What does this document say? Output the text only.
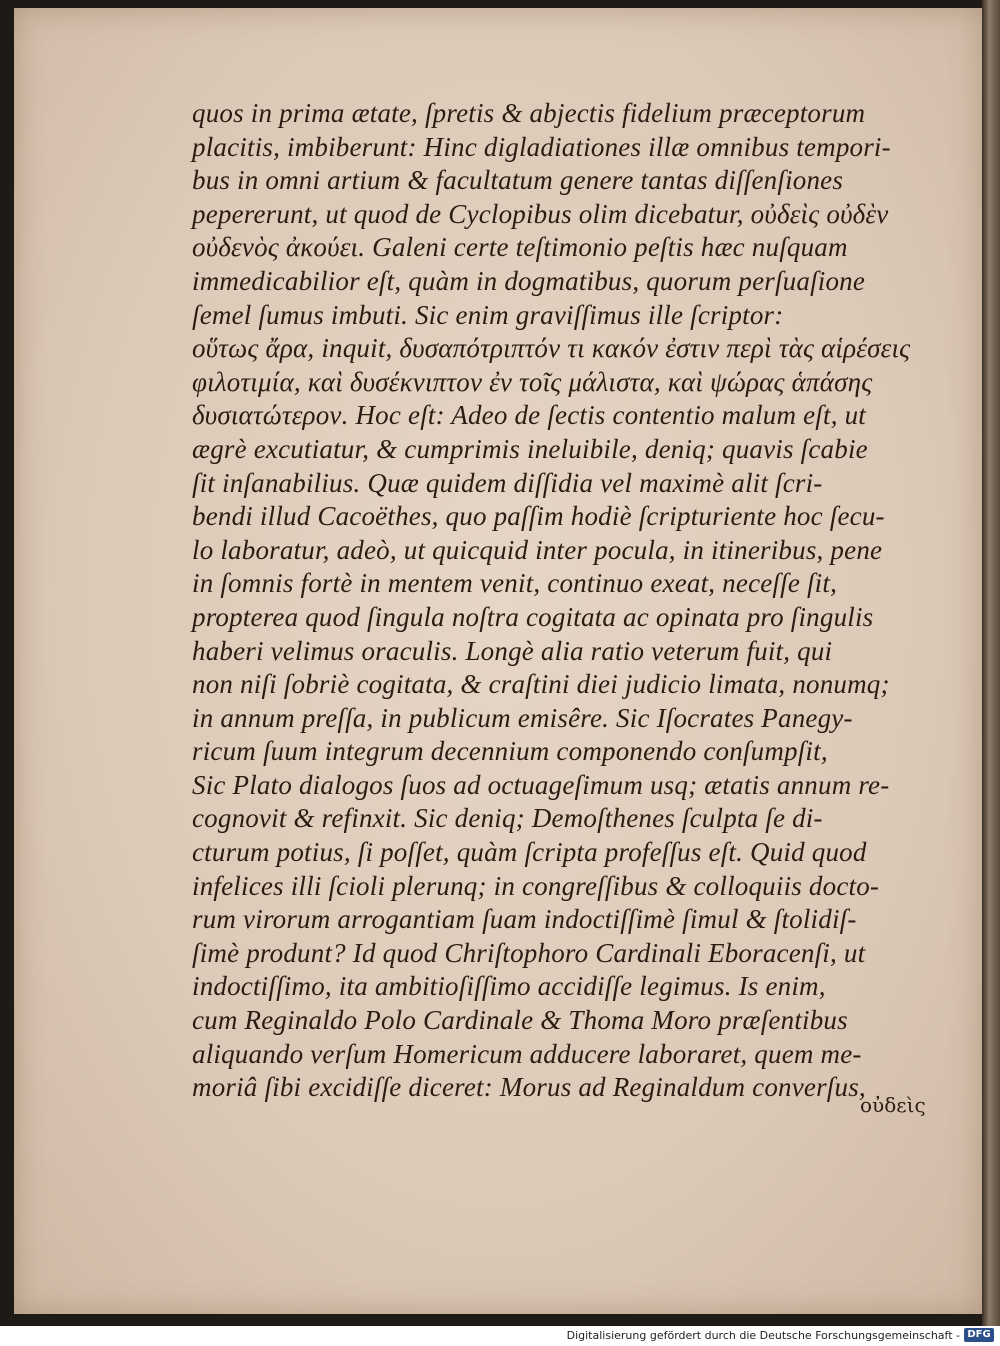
quos in prima ætate, ſpretis & abjectis fidelium præceptorum
placitis, imbiberunt: Hinc digladiationes illæ omnibus tempori-
bus in omni artium & facultatum genere tantas diſſenſiones
pepererunt, ut quod de Cyclopibus olim dicebatur, οὐδεὶς οὐδὲν
οὐδενὸς ἀκούει. Galeni certe teſtimonio peſtis hæc nuſquam
immedicabilior eſt, quàm in dogmatibus, quorum perſuaſione
ſemel ſumus imbuti. Sic enim graviſſimus ille ſcriptor:
οὕτως ἄρα, inquit, δυσαπότριπτόν τι κακόν ἐστιν περὶ τὰς αἱρέσεις
φιλοτιμία, καὶ δυσέκνιπτον ἐν τοῖς μάλιστα, καὶ ψώρας ἁπάσης
δυσιατώτερον. Hoc eſt: Adeo de ſectis contentio malum eſt, ut
ægrè excutiatur, & cumprimis ineluibile, deniq; quavis ſcabie
ſit inſanabilius. Quæ quidem diſſidia vel maximè alit ſcri-
bendi illud Cacoëthes, quo paſſim hodiè ſcripturiente hoc ſecu-
lo laboratur, adeò, ut quicquid inter pocula, in itineribus, pene
in ſomnis fortè in mentem venit, continuo exeat, neceſſe ſit,
propterea quod ſingula noſtra cogitata ac opinata pro ſingulis
haberi velimus oraculis. Longè alia ratio veterum fuit, qui
non niſi ſobriè cogitata, & craſtini diei judicio limata, nonumq;
in annum preſſa, in publicum emisêre. Sic Iſocrates Panegy-
ricum ſuum integrum decennium componendo conſumpſit,
Sic Plato dialogos ſuos ad octuageſimum usq; ætatis annum re-
cognovit & refinxit. Sic deniq; Demoſthenes ſculpta ſe di-
cturum potius, ſi poſſet, quàm ſcripta profeſſus eſt. Quid quod
infelices illi ſcioli plerunq; in congreſſibus & colloquiis docto-
rum virorum arrogantiam ſuam indoctiſſimè ſimul & ſtolidiſ-
ſimè produnt? Id quod Chriſtophoro Cardinali Eboracenſi, ut
indoctiſſimo, ita ambitioſiſſimo accidiſſe legimus. Is enim,
cum Reginaldo Polo Cardinale & Thoma Moro præſentibus
aliquando verſum Homericum adducere laboraret, quem me-
moriâ ſibi excidiſſe diceret: Morus ad Reginaldum converſus,
οὐδεὶς
Digitalisierung gefördert durch die Deutsche Forschungsgemeinschaft - DFG
